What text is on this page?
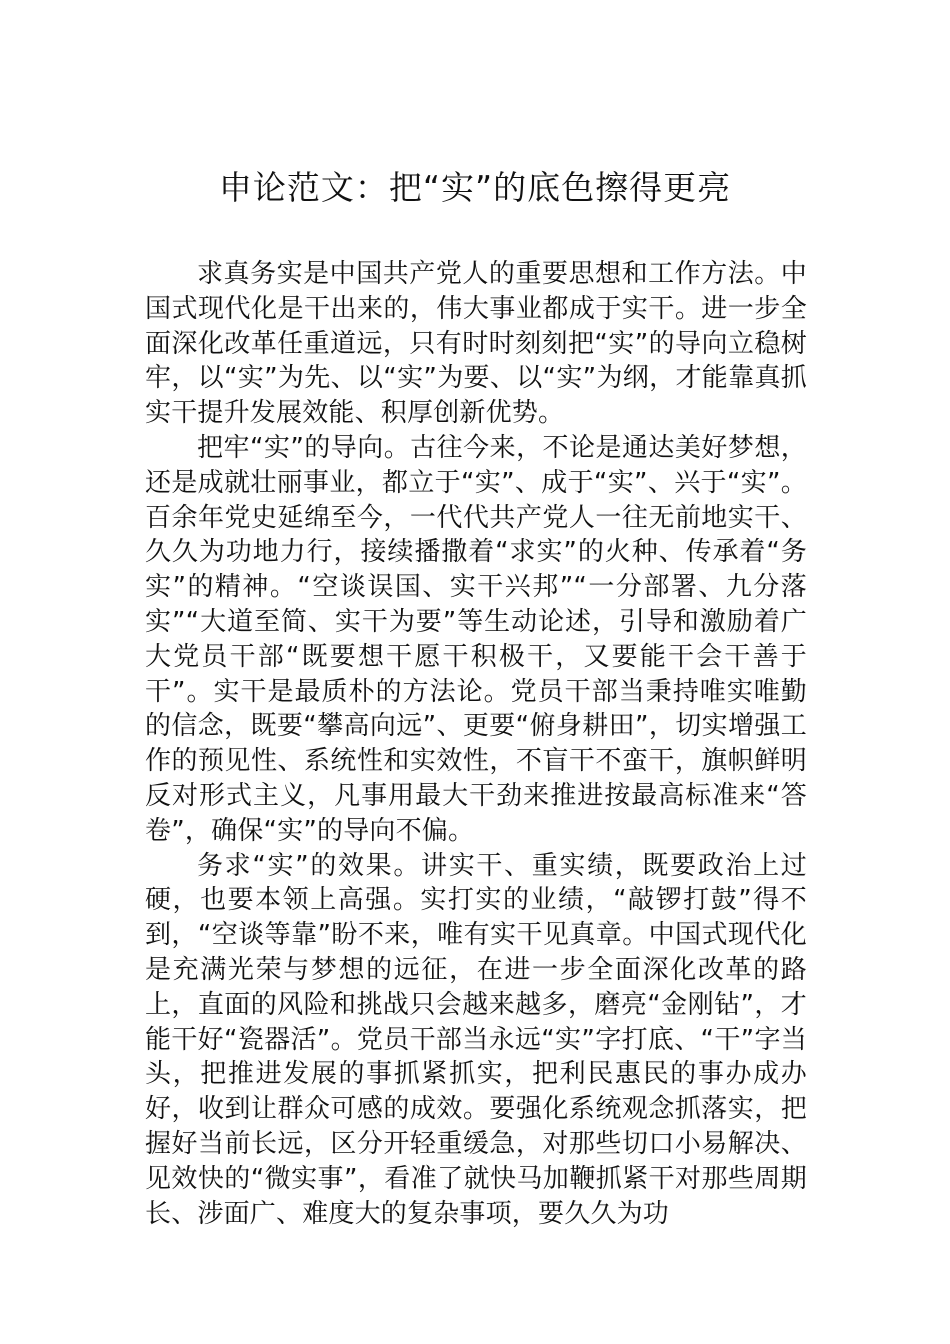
申论范文：把“实”的底色擦得更亮

求真务实是中国共产党人的重要思想和工作方法。中国式现代化是干出来的，伟大事业都成于实干。进一步全面深化改革任重道远，只有时时刻刻把“实”的导向立稳树牢，以“实”为先、以“实”为要、以“实”为纲，才能靠真抓实干提升发展效能、积厚创新优势。

把牢“实”的导向。古往今来，不论是通达美好梦想，还是成就壮丽事业，都立于“实”、成于“实”、兴于“实”。百余年党史延绵至今，一代代共产党人一往无前地实干、久久为功地力行，接续播撒着“求实”的火种、传承着“务实”的精神。“空谈误国、实干兴邦”“一分部署、九分落实”“大道至简、实干为要”等生动论述，引导和激励着广大党员干部“既要想干愿干积极干，又要能干会干善于干”。实干是最质朴的方法论。党员干部当秉持唯实唯勤的信念，既要“攀高向远”、更要“俯身耕田”，切实增强工作的预见性、系统性和实效性，不盲干不蛮干，旗帜鲜明反对形式主义，凡事用最大干劲来推进按最高标准来“答卷”，确保“实”的导向不偏。

务求“实”的效果。讲实干、重实绩，既要政治上过硬，也要本领上高强。实打实的业绩，“敲锣打鼓”得不到，“空谈等靠”盼不来，唯有实干见真章。中国式现代化是充满光荣与梦想的远征，在进一步全面深化改革的路上，直面的风险和挑战只会越来越多，磨亮“金刚钻”，才能干好“瓷器活”。党员干部当永远“实”字打底、“干”字当头，把推进发展的事抓紧抓实，把利民惠民的事办成办好，收到让群众可感的成效。要强化系统观念抓落实，把握好当前长远，区分开轻重缓急，对那些切口小易解决、见效快的“微实事”，看准了就快马加鞭抓紧干对那些周期长、涉面广、难度大的复杂事项，要久久为功
